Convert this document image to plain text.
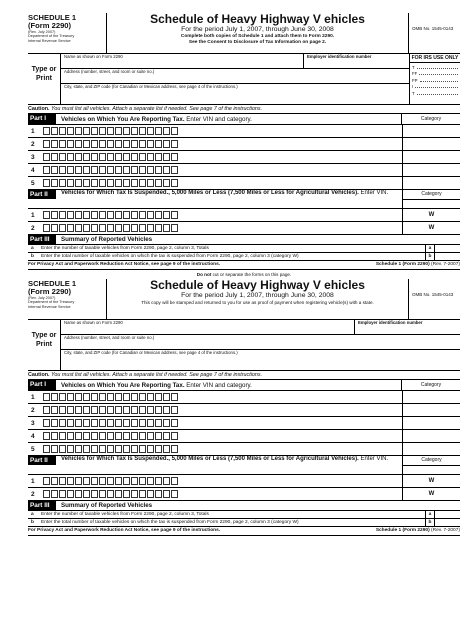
SCHEDULE 1
(Form 2290)
(Rev. July 2007)
Department of the Treasury
Internal Revenue Service
Schedule of Heavy Highway V ehicles
For the period July 1, 2007, through June 30, 2008
Complete both copies of Schedule 1 and attach them to Form 2290.
See the Consent to Disclosure of Tax Information on page 2.
OMB No. 1545-0143
Type or Print
Name as shown on Form 2290	Employer identification number
Address (number, street, and room or suite no.)
City, state, and ZIP code (for Canadian or Mexican address, see page 4 of the instructions.)
FOR IRS USE ONLY
T
FF
FP
I
T
Caution. You must list all vehicles. Attach a separate list if needed. See page 7 of the instructions.
Part I	Vehicles on Which You Are Reporting Tax. Enter VIN and category.	Category
1
2
3
4
5
Part II	Vehicles for Which Tax Is Suspended., 5,000 Miles or Less (7,500 Miles or Less for Agricultural Vehicles). Enter VIN.	Category
1	W
2	W
Part III	Summary of Reported Vehicles
a	Enter the number of taxable vehicles from Form 2290, page 2, column 3, Totals	a
b	Enter the total number of taxable vehicles on which the tax is suspended from Form 2290, page 2, column 3 (category W)	b
For Privacy Act and Paperwork Reduction Act Notice, see page 9 of the instructions.	Schedule 1 (Form 2290)
(Rev. 7-2007)
Do not cut or separate the forms on this page.
SCHEDULE 1
(Form 2290)
(Rev. July 2007)
Department of the Treasury
Internal Revenue Service
Schedule of Heavy Highway V ehicles
For the period July 1, 2007, through June 30, 2008
This copy will be stamped and returned to you for use as proof of payment when registering vehicle(s) with a state.
OMB No. 1545-0143
Type or Print
Name as shown on Form 2290	Employer identification number
Address (number, street, and room or suite no.)
City, state, and ZIP code (for Canadian or Mexican address, see page 4 of the instructions.)
Caution. You must list all vehicles. Attach a separate list if needed. See page 7 of the instructions.
Part I	Vehicles on Which You Are Reporting Tax. Enter VIN and category.	Category
1
2
3
4
5
Part II	Vehicles for Which Tax Is Suspended., 5,000 Miles or Less (7,500 Miles or Less for Agricultural Vehicles). Enter VIN.	Category
1	W
2	W
Part III	Summary of Reported Vehicles
a	Enter the number of taxable vehicles from Form 2290, page 2, column 3, Totals	a
b	Enter the total number of taxable vehicles on which the tax is suspended from Form 2290, page 2, column 3 (category W)	b
For Privacy Act and Paperwork Reduction Act Notice, see page 9 of the instructions.	Schedule 1 (Form 2290)
(Rev. 7-2007)
